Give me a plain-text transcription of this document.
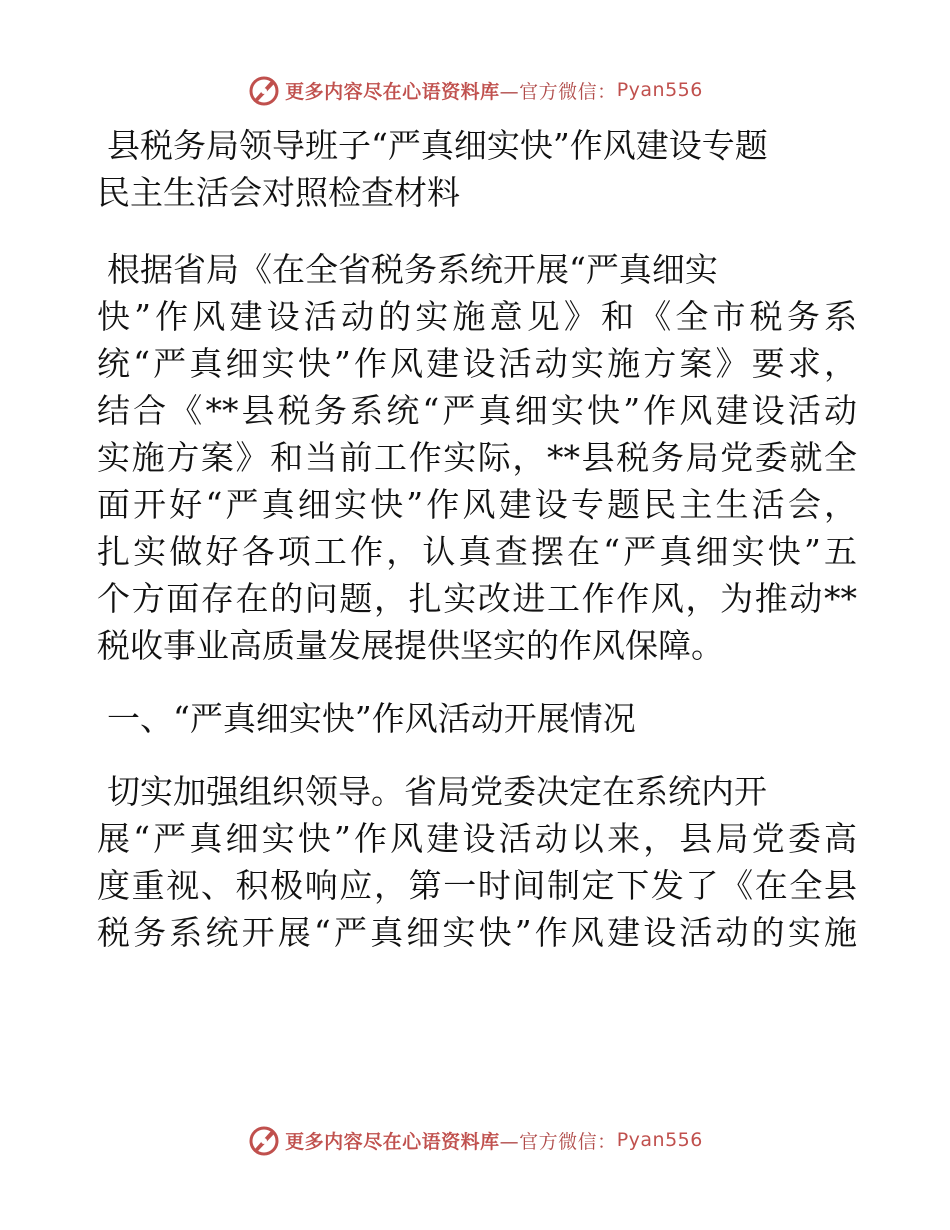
更多内容尽在心语资料库 —官方微信： Pyan556
县税务局领导班子“严真细实快”作风建设专题
民主生活会对照检查材料
根据省局《在全省税务系统开展“严真细实
快”作风建设活动的实施意见》和《全市税务系
统“严真细实快”作风建设活动实施方案》要求，
结合《**县税务系统“严真细实快”作风建设活动
实施方案》和当前工作实际，**县税务局党委就全
面开好“严真细实快”作风建设专题民主生活会，
扎实做好各项工作，认真查摆在“严真细实快”五
个方面存在的问题，扎实改进工作作风，为推动**
税收事业高质量发展提供坚实的作风保障。
一、“严真细实快”作风活动开展情况
切实加强组织领导。省局党委决定在系统内开
展“严真细实快”作风建设活动以来，县局党委高
度重视、积极响应，第一时间制定下发了《在全县
税务系统开展“严真细实快”作风建设活动的实施
更多内容尽在心语资料库 —官方微信： Pyan556
